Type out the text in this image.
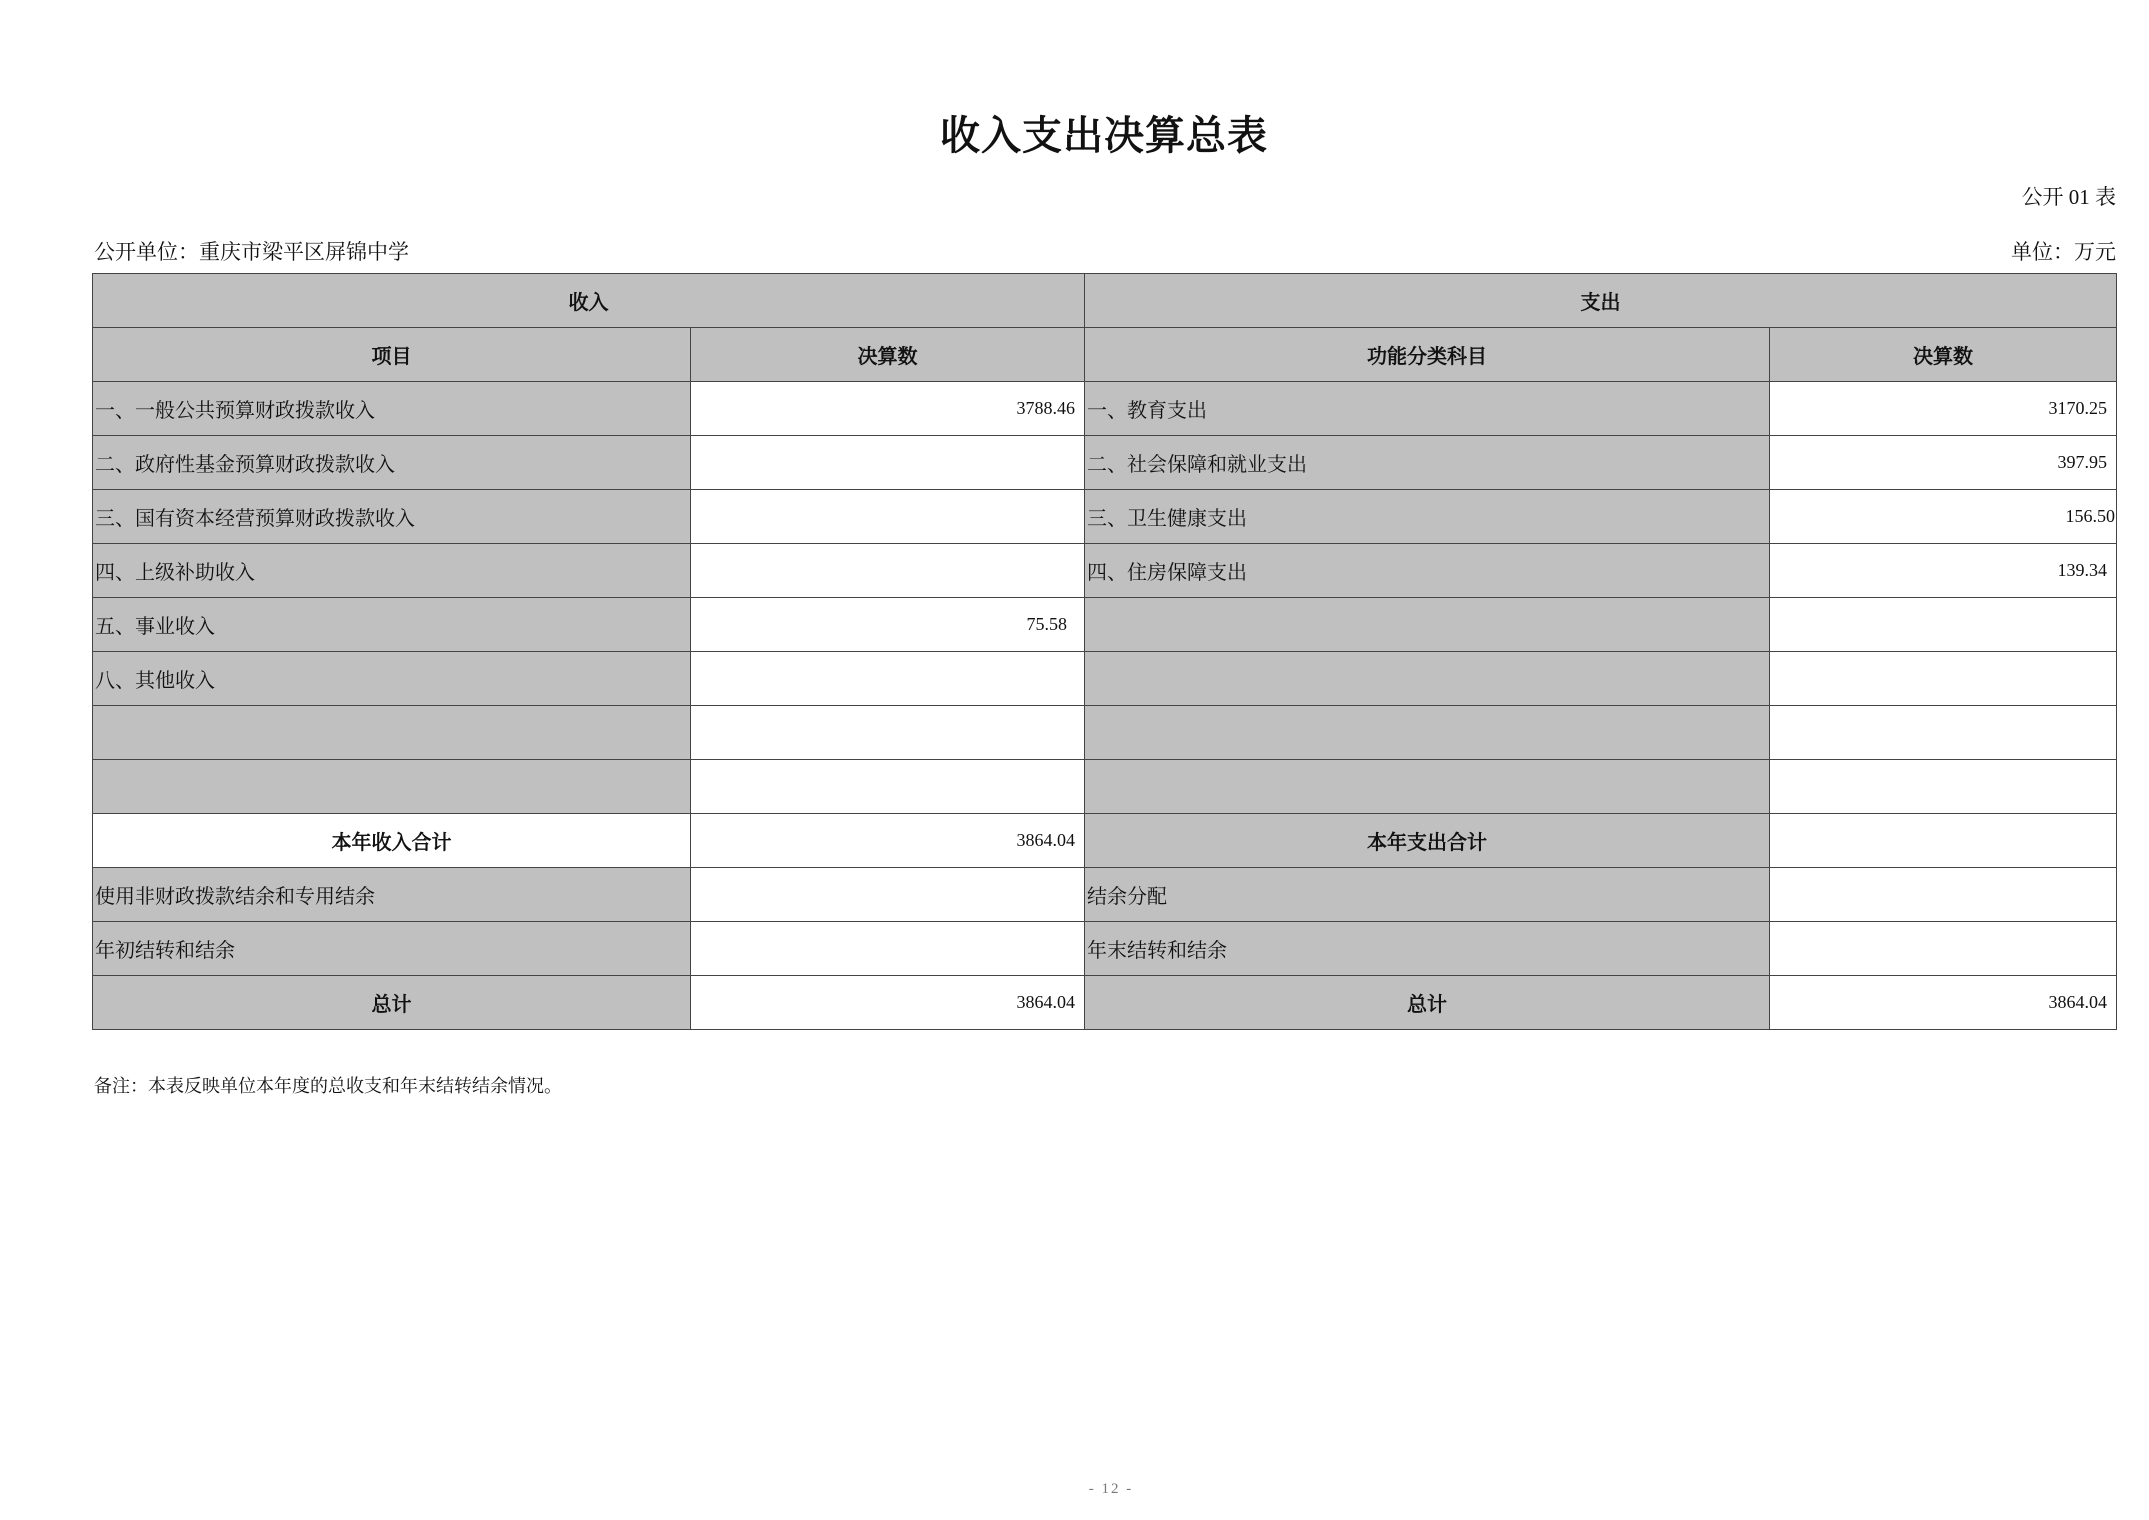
收入支出决算总表
公开 01 表
公开单位：重庆市梁平区屏锦中学	单位：万元
收入		支出	
项目	决算数	功能分类科目	决算数
一、一般公共预算财政拨款收入	3788.46	一、教育支出	3170.25
二、政府性基金预算财政拨款收入		二、社会保障和就业支出	397.95
三、国有资本经营预算财政拨款收入		三、卫生健康支出	156.50
四、上级补助收入		四、住房保障支出	139.34
五、事业收入	75.58		
八、其他收入			

本年收入合计	3864.04	本年支出合计	
使用非财政拨款结余和专用结余		结余分配	
年初结转和结余		年末结转和结余	
总计	3864.04	总计	3864.04
备注：本表反映单位本年度的总收支和年末结转结余情况。
- 12 -
